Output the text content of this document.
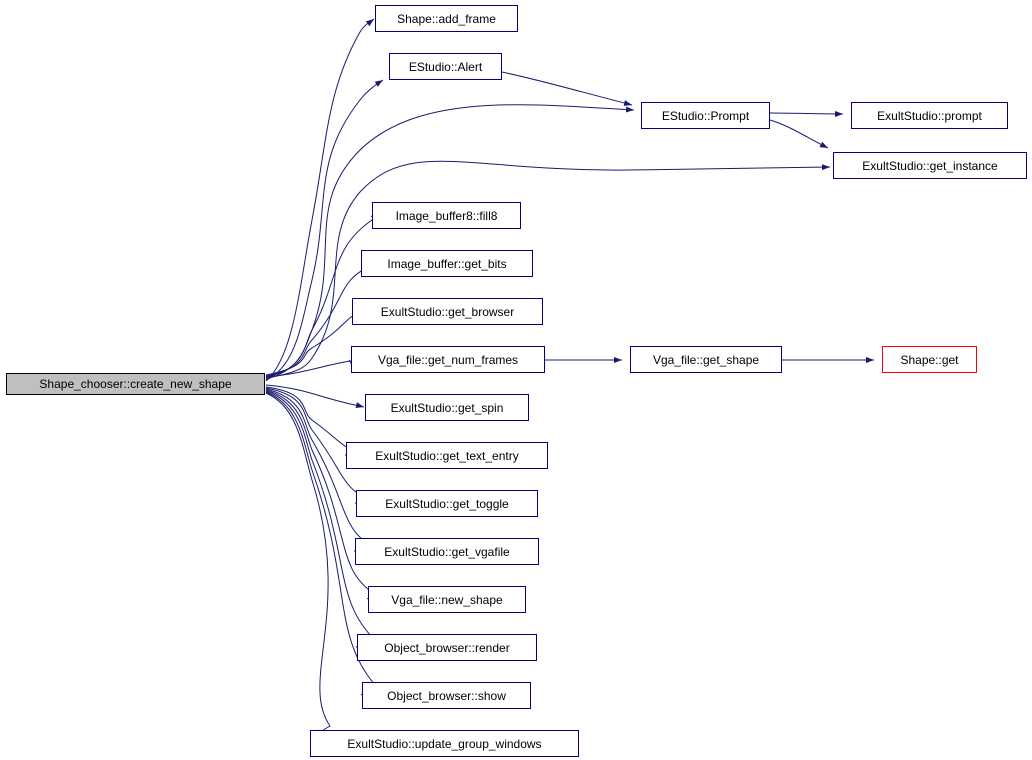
Shape_chooser::create_new_shape
Shape::add_frame
EStudio::Alert
EStudio::Prompt	ExultStudio::prompt
ExultStudio::get_instance
Image_buffer8::fill8
Image_buffer::get_bits
ExultStudio::get_browser
Vga_file::get_num_frames	Vga_file::get_shape	Shape::get
ExultStudio::get_spin
ExultStudio::get_text_entry
ExultStudio::get_toggle
ExultStudio::get_vgafile
Vga_file::new_shape
Object_browser::render
Object_browser::show
ExultStudio::update_group_windows
